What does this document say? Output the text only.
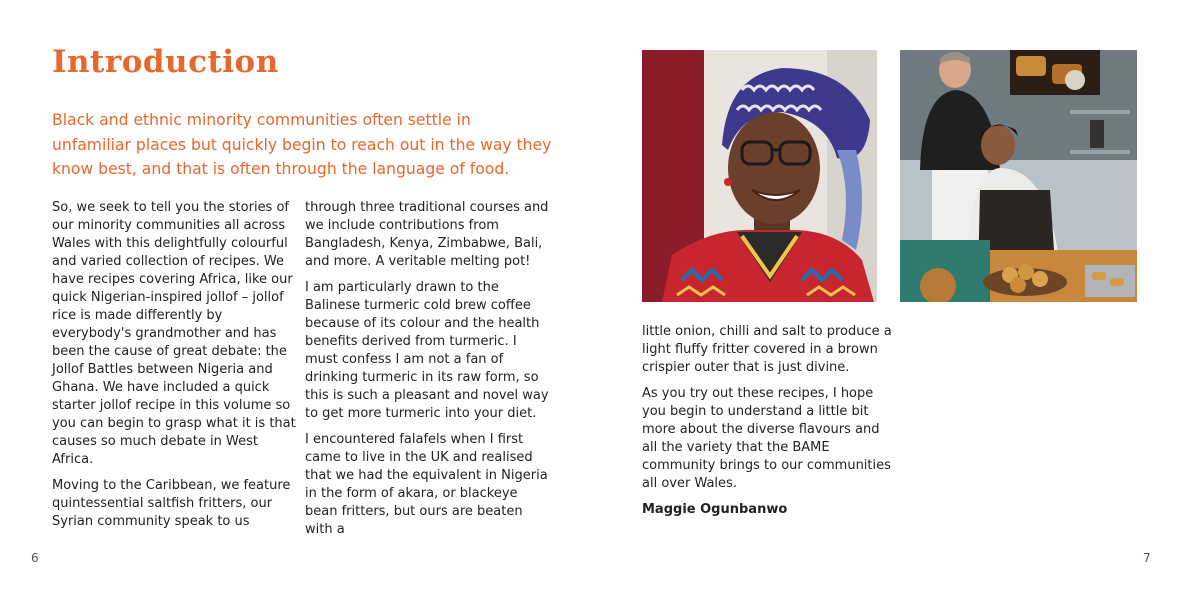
Introduction

Black and ethnic minority communities often settle in unfamiliar places but quickly begin to reach out in the way they know best, and that is often through the language of food.

So, we seek to tell you the stories of our minority communities all across Wales with this delightfully colourful and varied collection of recipes. We have recipes covering Africa, like our quick Nigerian-inspired jollof – jollof rice is made differently by everybody's grandmother and has been the cause of great debate: the Jollof Battles between Nigeria and Ghana. We have included a quick starter jollof recipe in this volume so you can begin to grasp what it is that causes so much debate in West Africa.

Moving to the Caribbean, we feature quintessential saltfish fritters, our Syrian community speak to us

through three traditional courses and we include contributions from Bangladesh, Kenya, Zimbabwe, Bali, and more. A veritable melting pot!

I am particularly drawn to the Balinese turmeric cold brew coffee because of its colour and the health benefits derived from turmeric. I must confess I am not a fan of drinking turmeric in its raw form, so this is such a pleasant and novel way to get more turmeric into your diet.

I encountered falafels when I first came to live in the UK and realised that we had the equivalent in Nigeria in the form of akara, or blackeye bean fritters, but ours are beaten with a

little onion, chilli and salt to produce a light fluffy fritter covered in a brown crispier outer that is just divine.

As you try out these recipes, I hope you begin to understand a little bit more about the diverse flavours and all the variety that the BAME community brings to our communities all over Wales.

Maggie Ogunbanwo

6	7
